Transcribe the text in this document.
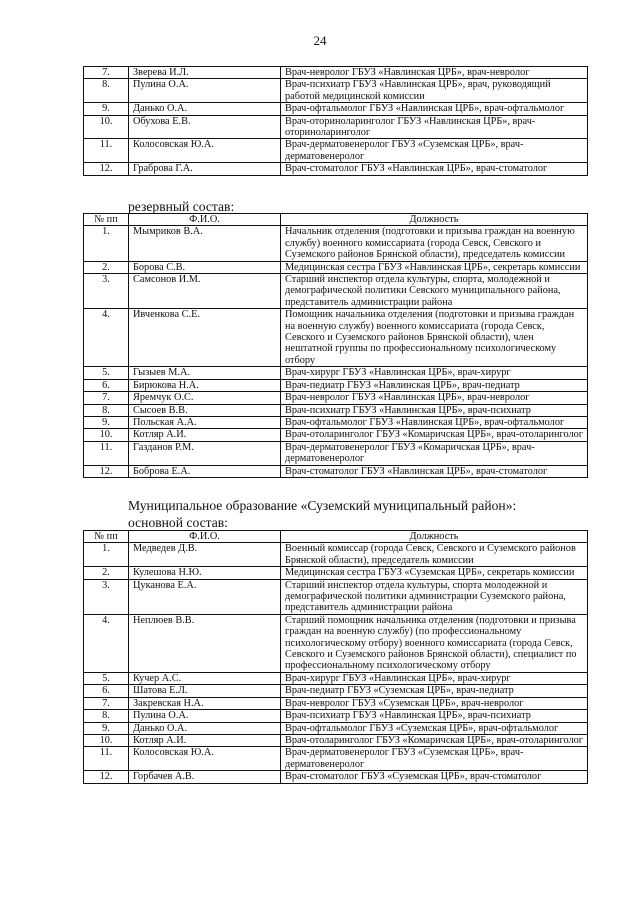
24
7.	Зверева И.Л.	Врач-невролог ГБУЗ «Навлинская ЦРБ», врач-невролог
8.	Пулина О.А.	Врач-психиатр ГБУЗ «Навлинская ЦРБ», врач, руководящий работой медицинской комиссии
9.	Данько О.А.	Врач-офтальмолог ГБУЗ «Навлинская ЦРБ», врач-офтальмолог
10.	Обухова Е.В.	Врач-оториноларинголог ГБУЗ «Навлинская ЦРБ», врач-оториноларинголог
11.	Колосовская Ю.А.	Врач-дерматовенеролог ГБУЗ «Суземская ЦРБ», врач-дерматовенеролог
12.	Граброва Г.А.	Врач-стоматолог ГБУЗ «Навлинская ЦРБ», врач-стоматолог
резервный состав:
№ пп	Ф.И.О.	Должность
1.	Мымриков В.А.	Начальник отделения (подготовки и призыва граждан на военную службу) военного комиссариата (города Севск, Севского и Суземского районов Брянской области), председатель комиссии
2.	Борова С.В.	Медицинская сестра ГБУЗ «Навлинская ЦРБ», секретарь комиссии
3.	Самсонов И.М.	Старший инспектор отдела культуры, спорта, молодежной и демографической политики Севского муниципального района, представитель администрации района
4.	Ивченкова С.Е.	Помощник начальника отделения (подготовки и призыва граждан на военную службу) военного комиссариата (города Севск, Севского и Суземского районов Брянской области), член нештатной группы по профессиональному психологическому отбору
5.	Гызыев М.А.	Врач-хирург ГБУЗ «Навлинская ЦРБ», врач-хирург
6.	Бирюкова Н.А.	Врач-педиатр ГБУЗ «Навлинская ЦРБ», врач-педиатр
7.	Яремчук О.С.	Врач-невролог ГБУЗ «Навлинская ЦРБ», врач-невролог
8.	Сысоев В.В.	Врач-психиатр ГБУЗ «Навлинская ЦРБ», врач-психиатр
9.	Польская А.А.	Врач-офтальмолог ГБУЗ «Навлинская ЦРБ», врач-офтальмолог
10.	Котляр А.И.	Врач-отоларинголог ГБУЗ «Комаричская ЦРБ», врач-отоларинголог
11.	Газданов Р.М.	Врач-дерматовенеролог ГБУЗ «Комаричская ЦРБ», врач-дерматовенеролог
12.	Боброва Е.А.	Врач-стоматолог ГБУЗ «Навлинская ЦРБ», врач-стоматолог
Муниципальное образование «Суземский муниципальный район»:
основной состав:
№ пп	Ф.И.О.	Должность
1.	Медведев Д.В.	Военный комиссар (города Севск, Севского и Суземского районов Брянской области), председатель комиссии
2.	Кулешова Н.Ю.	Медицинская сестра ГБУЗ «Суземская ЦРБ», секретарь комиссии
3.	Цуканова Е.А.	Старший инспектор отдела культуры, спорта молодежной и демографической политики администрации Суземского района, представитель администрации района
4.	Неплюев В.В.	Старший помощник начальника отделения (подготовки и призыва граждан на военную службу) (по профессиональному психологическому отбору) военного комиссариата (города Севск, Севского и Суземского районов Брянской области), специалист по профессиональному психологическому отбору
5.	Кучер А.С.	Врач-хирург ГБУЗ «Навлинская ЦРБ», врач-хирург
6.	Шатова Е.Л.	Врач-педиатр ГБУЗ «Суземская ЦРБ», врач-педиатр
7.	Закревская Н.А.	Врач-невролог ГБУЗ «Суземская ЦРБ», врач-невролог
8.	Пулина О.А.	Врач-психиатр ГБУЗ «Навлинская ЦРБ», врач-психиатр
9.	Данько О.А.	Врач-офтальмолог ГБУЗ «Суземская ЦРБ», врач-офтальмолог
10.	Котляр А.И.	Врач-отоларинголог ГБУЗ «Комаричская ЦРБ», врач-отоларинголог
11.	Колосовская Ю.А.	Врач-дерматовенеролог ГБУЗ «Суземская ЦРБ», врач-дерматовенеролог
12.	Горбачев А.В.	Врач-стоматолог ГБУЗ «Суземская ЦРБ», врач-стоматолог
